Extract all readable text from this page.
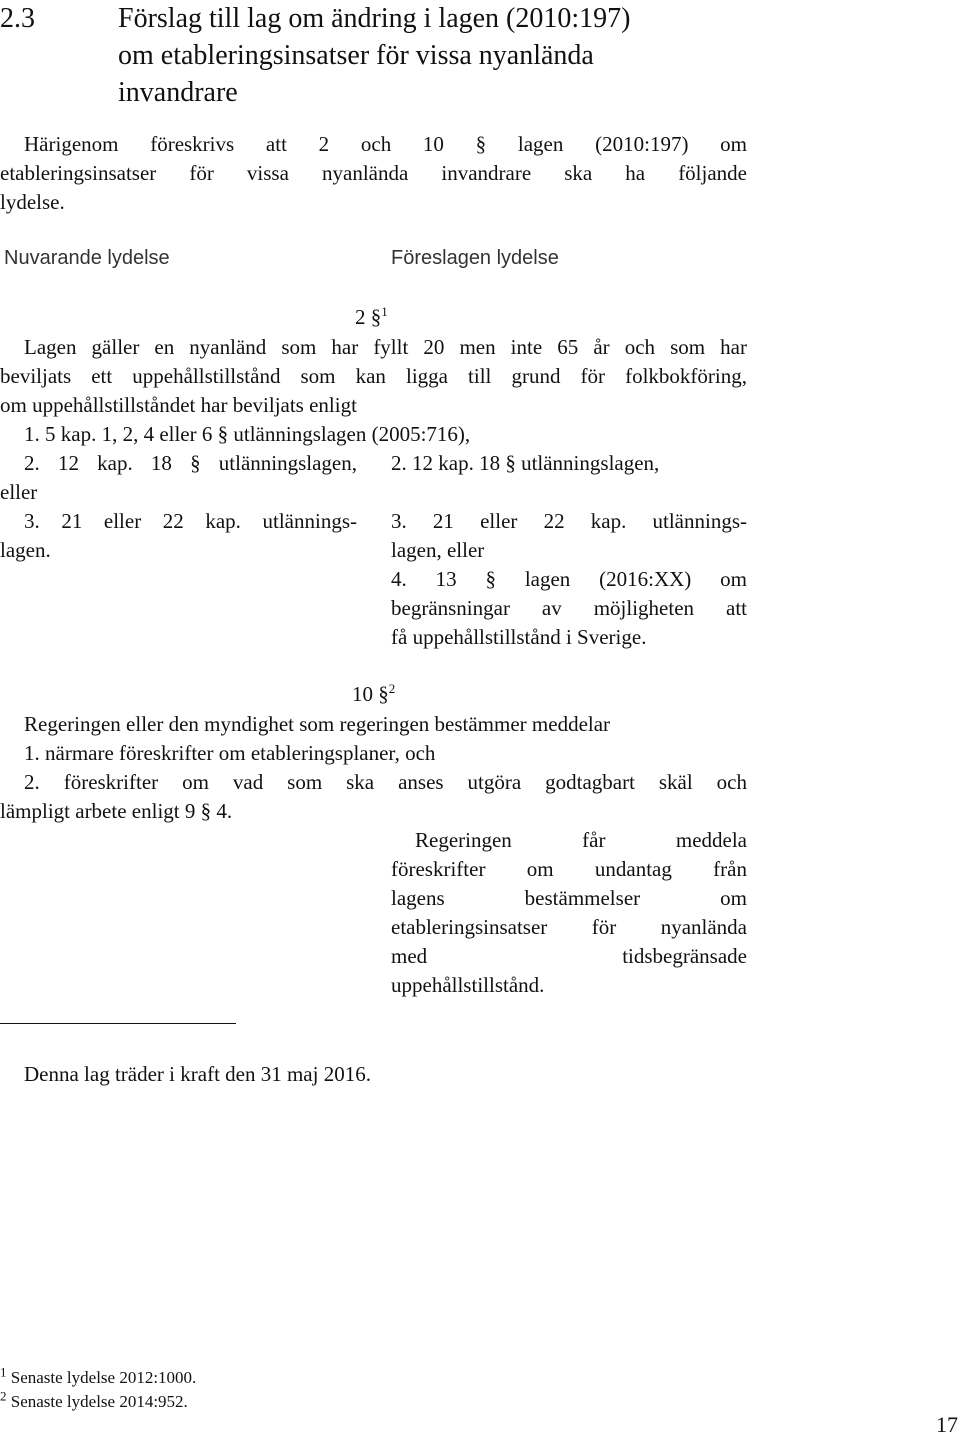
2.3	Förslag till lag om ändring i lagen (2010:197)
om etableringsinsatser för vissa nyanlända
invandrare
Härigenom föreskrivs att 2 och 10 § lagen (2010:197) om
etableringsinsatser för vissa nyanlända invandrare ska ha följande
lydelse.
Nuvarande lydelse	Föreslagen lydelse
2 §$^1$
Lagen gäller en nyanländ som har fyllt 20 men inte 65 år och som har
beviljats ett uppehållstillstånd som kan ligga till grund för folkbokföring,
om uppehållstillståndet har beviljats enligt
1. 5 kap. 1, 2, 4 eller 6 § utlänningslagen (2005:716),
2. 12 kap. 18 § utlänningslagen,
eller
3. 21 eller 22 kap. utlännings-
lagen.
2. 12 kap. 18 § utlänningslagen,
3. 21 eller 22 kap. utlännings-
lagen, eller
4. 13 § lagen (2016:XX) om
begränsningar av möjligheten att
få uppehållstillstånd i Sverige.
10 §$^2$
Regeringen eller den myndighet som regeringen bestämmer meddelar
1. närmare föreskrifter om etableringsplaner, och
2. föreskrifter om vad som ska anses utgöra godtagbart skäl och
lämpligt arbete enligt 9 § 4.
Regeringen får meddela
föreskrifter om undantag från
lagens bestämmelser om
etableringsinsatser för nyanlända
med tidsbegränsade
uppehållstillstånd.
Denna lag träder i kraft den 31 maj 2016.
$^1$ Senaste lydelse 2012:1000.
$^2$ Senaste lydelse 2014:952.
17
